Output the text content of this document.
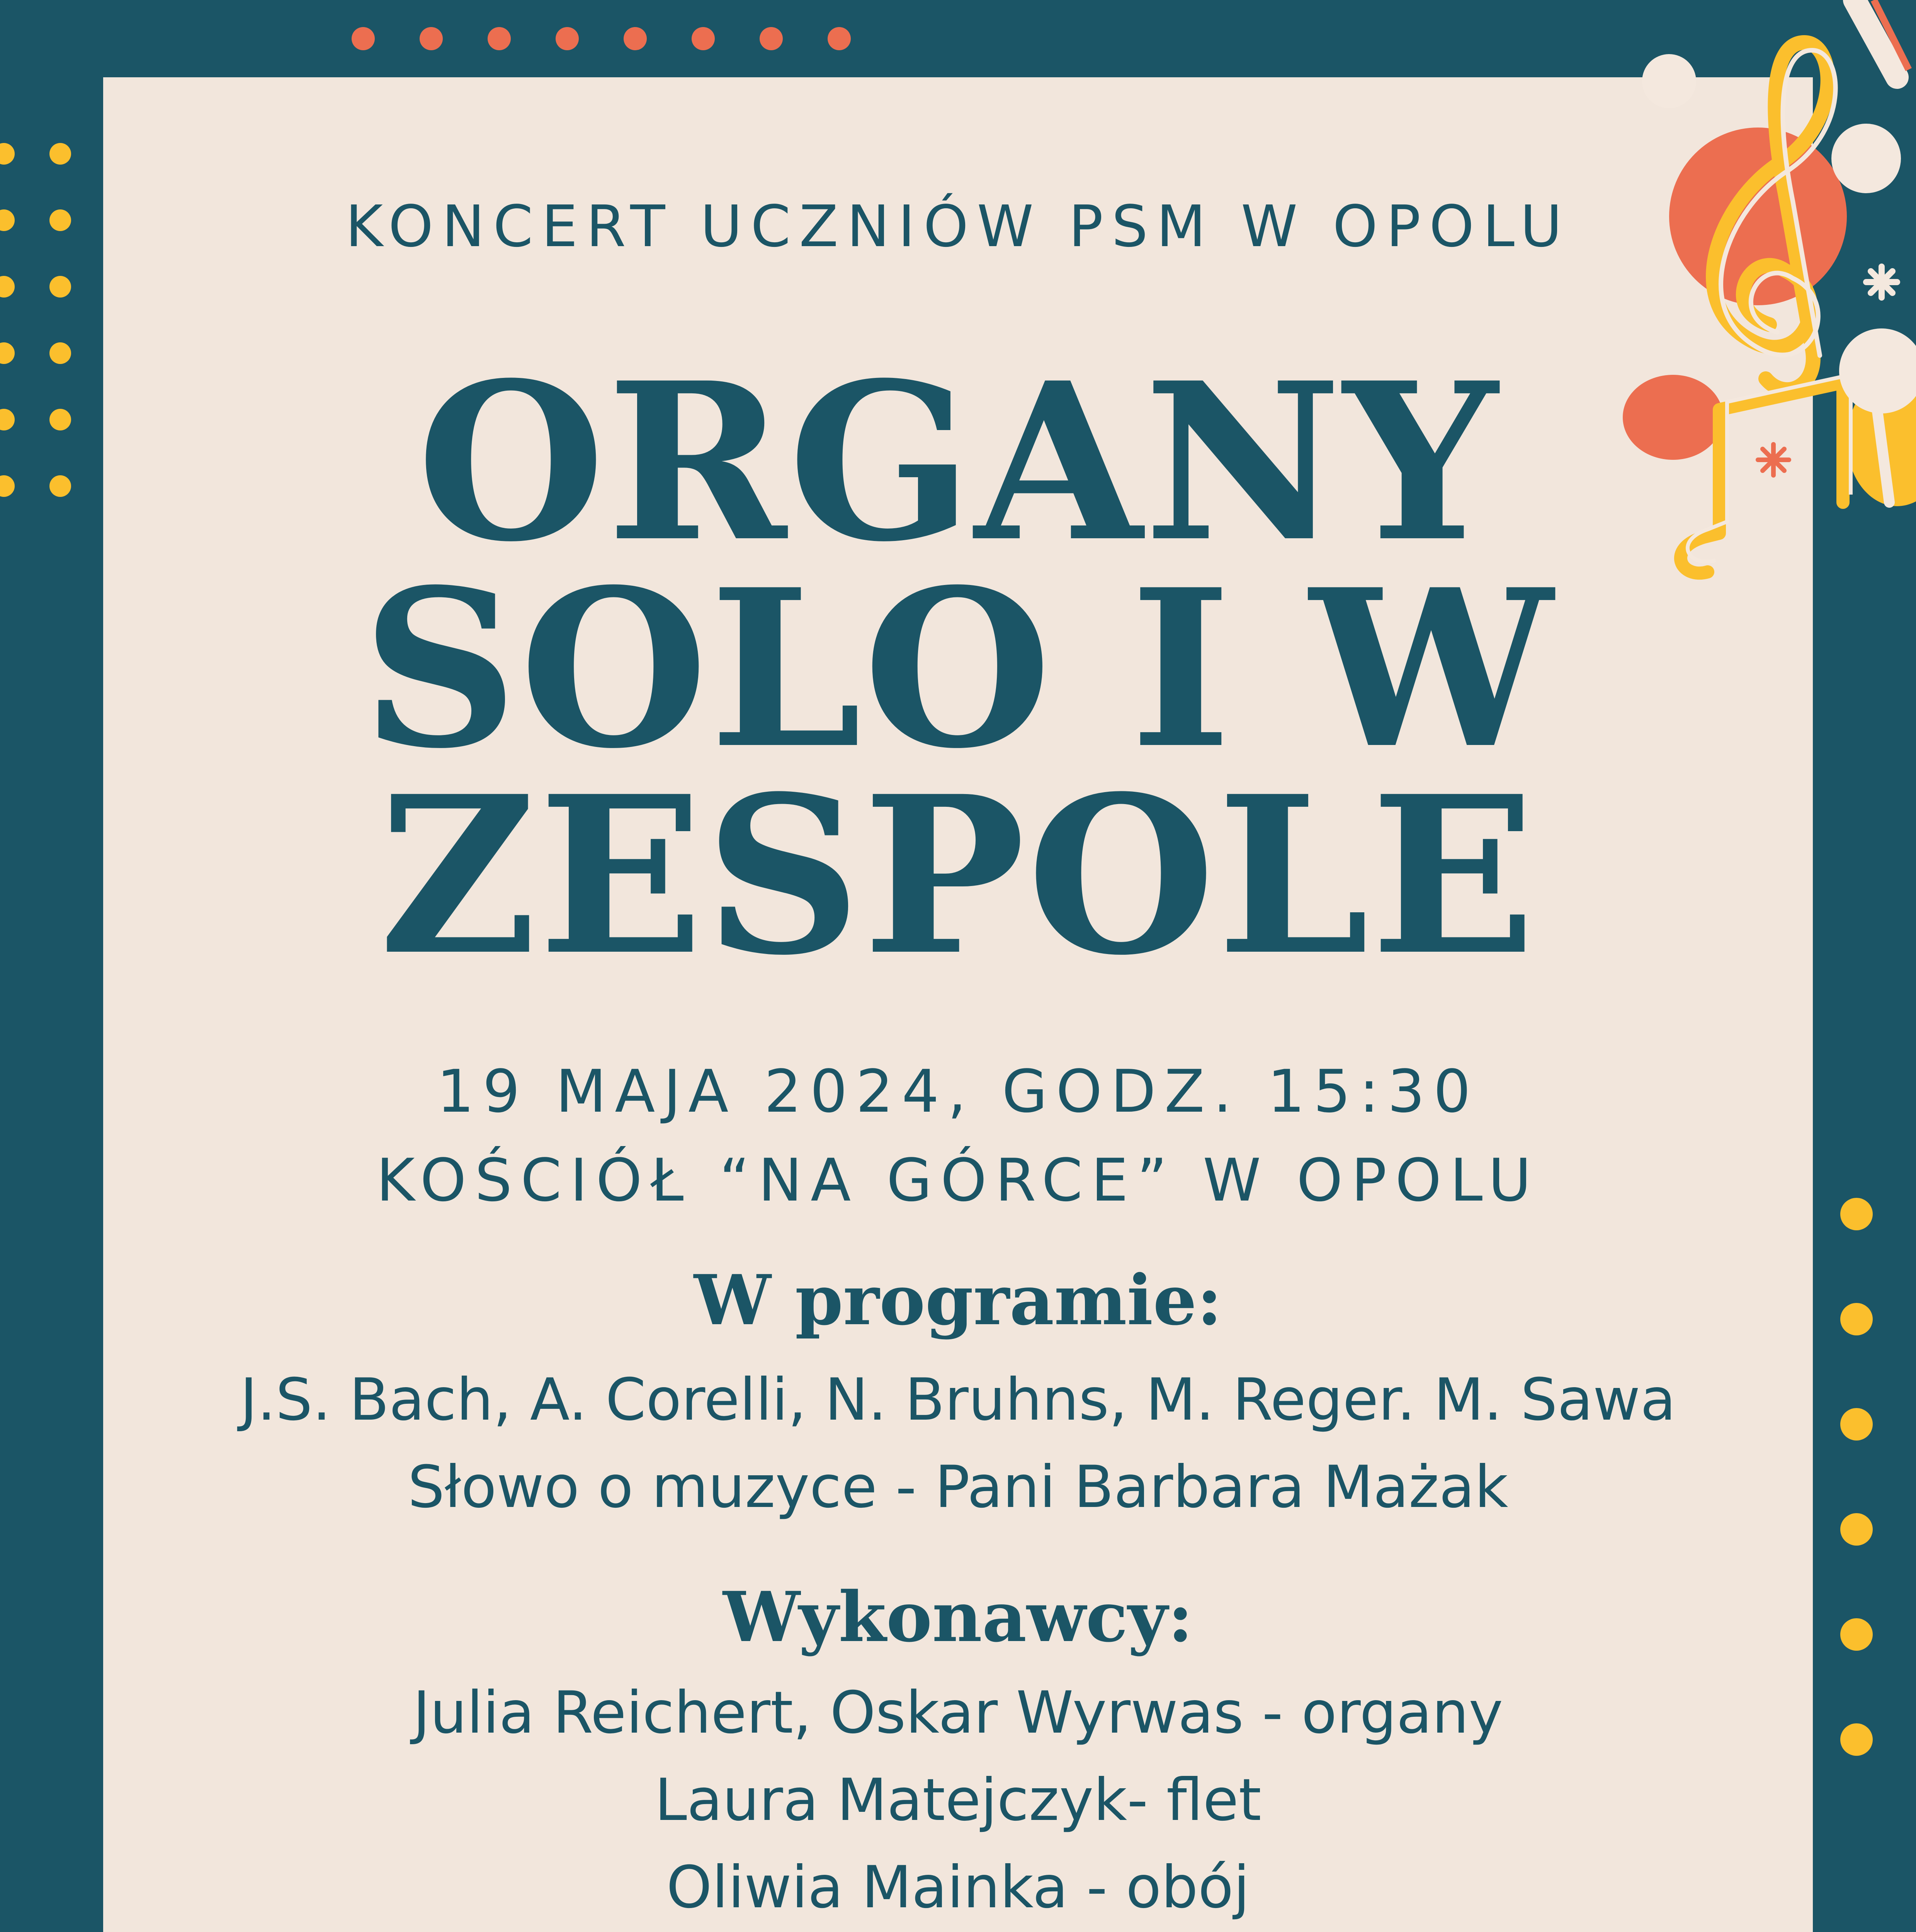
KONCERT UCZNIÓW PSM W OPOLU
ORGANY
SOLO I W
ZESPOLE
19 MAJA 2024, GODZ. 15:30
KOŚCIÓŁ “NA GÓRCE” W OPOLU
W programie:
J.S. Bach, A. Corelli, N. Bruhns, M. Reger. M. Sawa
Słowo o muzyce - Pani Barbara Mażak
Wykonawcy:
Julia Reichert, Oskar Wyrwas - organy
Laura Matejczyk- flet
Oliwia Mainka - obój
